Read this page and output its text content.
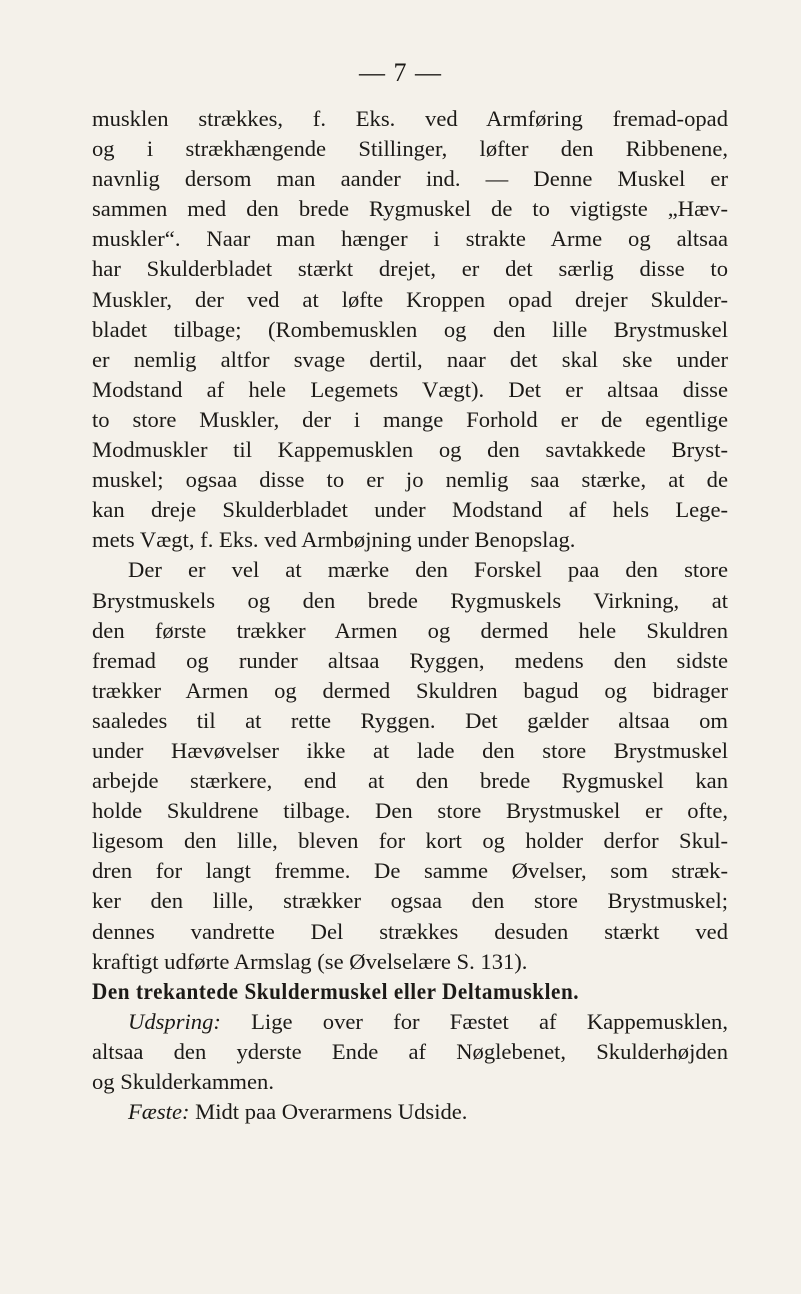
— 7 —
musklen strækkes, f. Eks. ved Armføring fremad-opad
og i strækhængende Stillinger, løfter den Ribbenene,
navnlig dersom man aander ind. — Denne Muskel er
sammen med den brede Rygmuskel de to vigtigste „Hæv-
muskler“. Naar man hænger i strakte Arme og altsaa
har Skulderbladet stærkt drejet, er det særlig disse to
Muskler, der ved at løfte Kroppen opad drejer Skulder-
bladet tilbage; (Rombemusklen og den lille Brystmuskel
er nemlig altfor svage dertil, naar det skal ske under
Modstand af hele Legemets Vægt). Det er altsaa disse
to store Muskler, der i mange Forhold er de egentlige
Modmuskler til Kappemusklen og den savtakkede Bryst-
muskel; ogsaa disse to er jo nemlig saa stærke, at de
kan dreje Skulderbladet under Modstand af hels Lege-
mets Vægt, f. Eks. ved Armbøjning under Benopslag.
Der er vel at mærke den Forskel paa den store
Brystmuskels og den brede Rygmuskels Virkning, at
den første trækker Armen og dermed hele Skuldren
fremad og runder altsaa Ryggen, medens den sidste
trækker Armen og dermed Skuldren bagud og bidrager
saaledes til at rette Ryggen. Det gælder altsaa om
under Hævøvelser ikke at lade den store Brystmuskel
arbejde stærkere, end at den brede Rygmuskel kan
holde Skuldrene tilbage. Den store Brystmuskel er ofte,
ligesom den lille, bleven for kort og holder derfor Skul-
dren for langt fremme. De samme Øvelser, som stræk-
ker den lille, strækker ogsaa den store Brystmuskel;
dennes vandrette Del strækkes desuden stærkt ved
kraftigt udførte Armslag (se Øvelselære S. 131).
Den trekantede Skuldermuskel eller Deltamusklen.
Udspring: Lige over for Fæstet af Kappemusklen,
altsaa den yderste Ende af Nøglebenet, Skulderhøjden
og Skulderkammen.
Fæste: Midt paa Overarmens Udside.
